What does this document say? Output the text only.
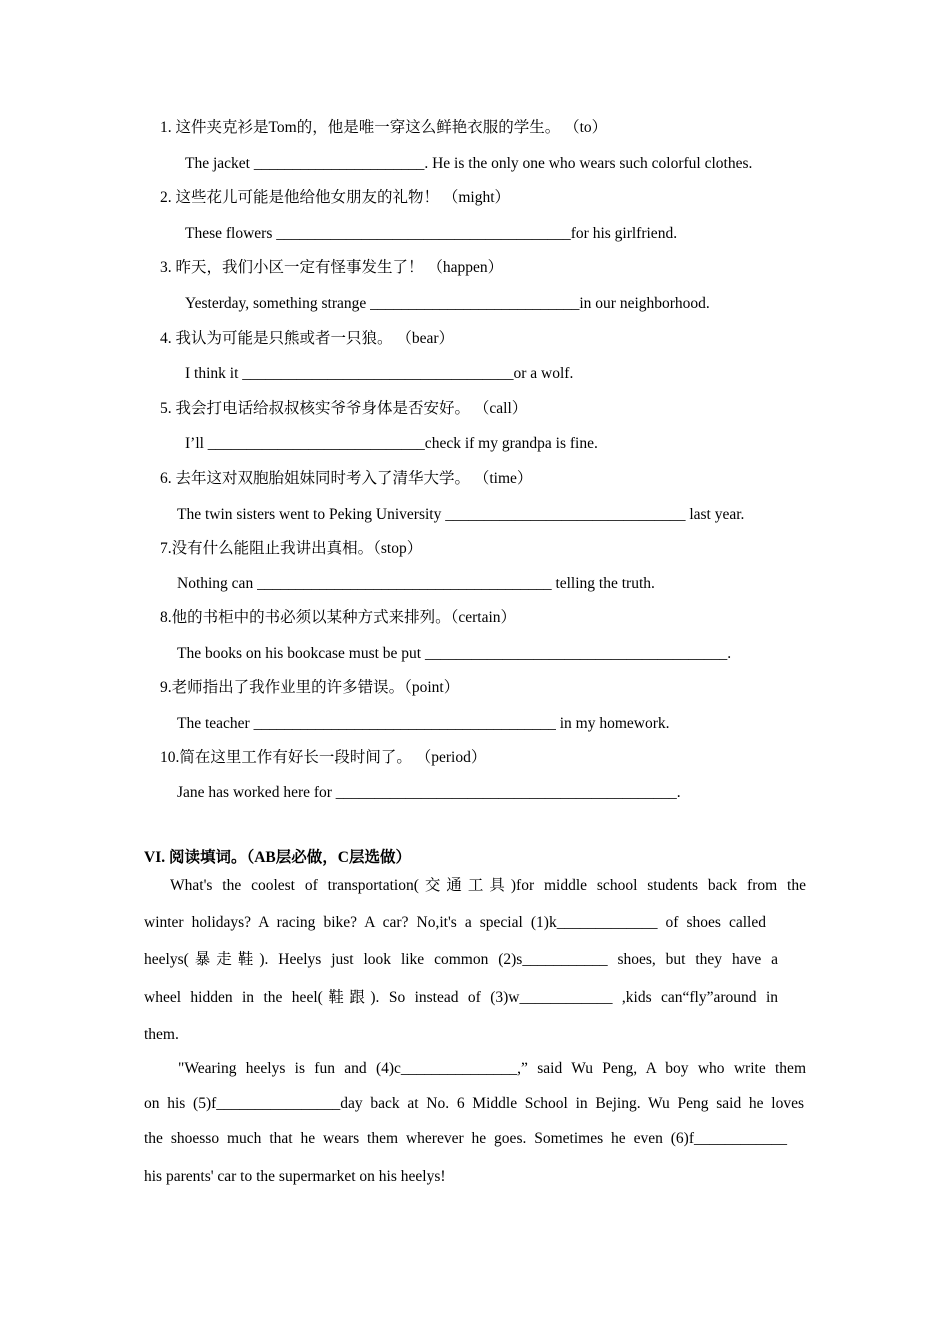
1. 这件夹克衫是Tom的，他是唯一穿这么鲜艳衣服的学生。 （to）
The jacket ______________________. He is the only one who wears such colorful clothes.
2. 这些花儿可能是他给他女朋友的礼物！ （might）
These flowers ______________________________________for his girlfriend.
3. 昨天，我们小区一定有怪事发生了！ （happen）
Yesterday, something strange ___________________________in our neighborhood.
4. 我认为可能是只熊或者一只狼。 （bear）
I think it ___________________________________or a wolf.
5. 我会打电话给叔叔核实爷爷身体是否安好。 （call）
I’ll ____________________________check if my grandpa is fine.
6. 去年这对双胞胎姐妹同时考入了清华大学。 （time）
The twin sisters went to Peking University _______________________________ last year.
7.没有什么能阻止我讲出真相。（stop）
Nothing can ______________________________________ telling the truth.
8.他的书柜中的书必须以某种方式来排列。（certain）
The books on his bookcase must be put _______________________________________.
9.老师指出了我作业里的许多错误。（point）
The teacher _______________________________________ in my homework.
10.简在这里工作有好长一段时间了。 （period）
Jane has worked here for ____________________________________________.
VI. 阅读填词。（AB层必做，C层选做）
What's the coolest of transportation(交通工具)for middle school students back from the
winter holidays? A racing bike? A car? No,it's a special (1)k_____________ of shoes called
heelys(暴走鞋). Heelys just look like common (2)s___________ shoes, but they have a
wheel hidden in the heel(鞋跟). So instead of (3)w____________ ,kids can“fly”around in
them.
"Wearing heelys is fun and (4)c_______________,” said Wu Peng, A boy who write them
on his (5)f________________day back at No. 6 Middle School in Bejing. Wu Peng said he loves
the shoesso much that he wears them wherever he goes. Sometimes he even (6)f____________
his parents' car to the supermarket on his heelys!
